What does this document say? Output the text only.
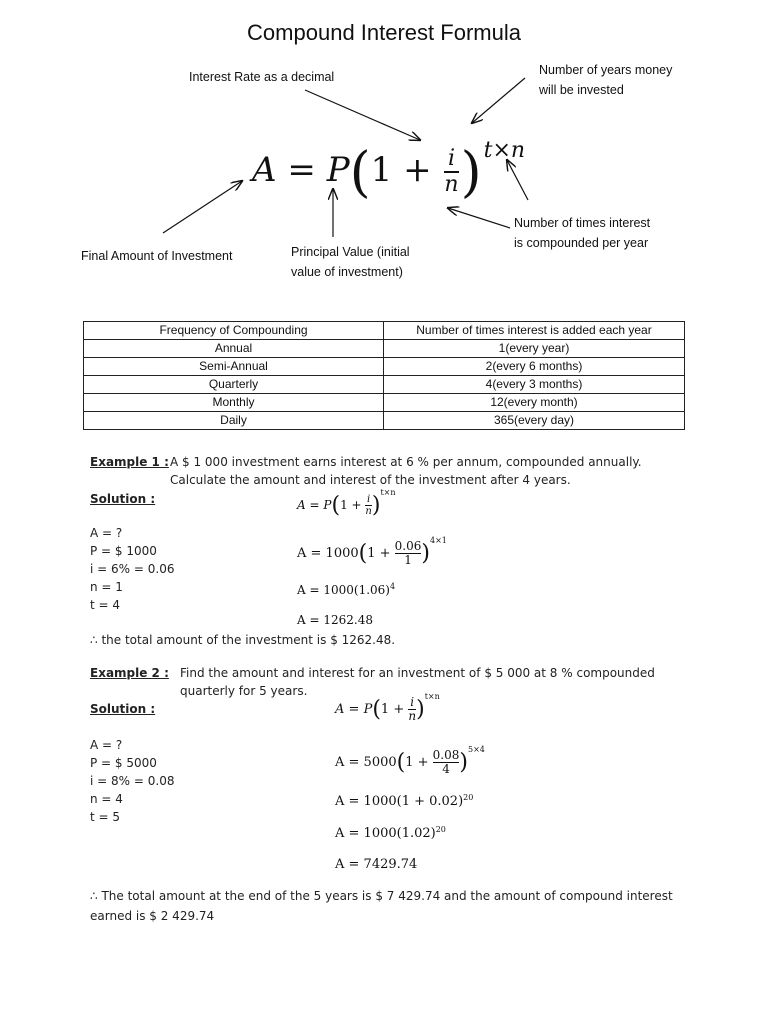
Compound Interest Formula
Interest Rate as a decimal	Number of years money
will be invested
Number of times interest
is compounded per year
Final Amount of Investment	Principal Value (initial
value of investment)
$A = P(1 + \frac{i}{n} )^{t\times n}$
Frequency of Compounding	Number of times interest is added each year
Annual	1(every year)
Semi-Annual	2(every 6 months)
Quarterly	4(every 3 months)
Monthly	12(every month)
Daily	365(every day)
Example 1 : A $ 1 000 investment earns interest at 6 % per annum, compounded annually.
Calculate the amount and interest of the investment after 4 years.
Solution :
A = ?
P = $ 1000
i = 6% = 0.06
n = 1
t = 4
$A = P(1 + \frac{i}{n} )^{t\times n}$
$A = 1000(1 + \frac{0.06}{1} )^{4\times 1}$
$A = 1000(1.06)^4$
A = 1262.48
∴ the total amount of the investment is $ 1262.48.
Example 2 : Find the amount and interest for an investment of $ 5 000 at 8 % compounded
quarterly for 5 years.
Solution :
A = ?
P = $ 5000
i = 8% = 0.08
n = 4
t = 5
$A = P(1 + \frac{i}{n} )^{t\times n}$
$A = 5000(1 + \frac{0.08}{4} )^{5\times 4}$
$A = 1000(1 + 0.02)^{20}$
$A = 1000(1.02)^{20}$
A = 7429.74
∴ The total amount at the end of the 5 years is $ 7 429.74 and the amount of compound interest
earned is $ 2 429.74
